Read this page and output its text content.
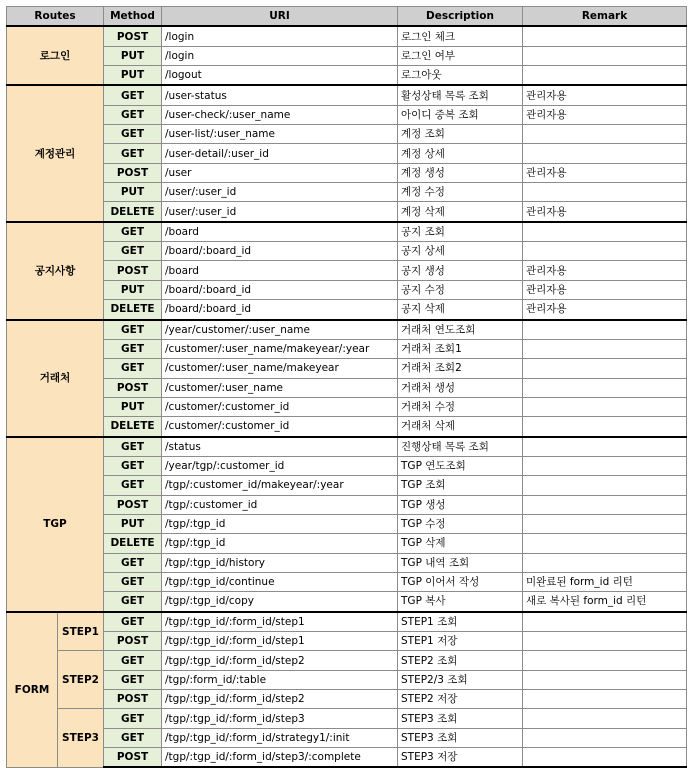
Routes		Method	URI	Description	Remark
로그인		POST	/login	로그인 체크	
		PUT	/login	로그인 여부	
		PUT	/logout	로그아웃	
계정관리		GET	/user-status	활성상태 목록 조회	관리자용
		GET	/user-check/:user_name	아이디 중복 조회	관리자용
		GET	/user-list/:user_name	계정 조회	
		GET	/user-detail/:user_id	계정 상세	
		POST	/user	계정 생성	관리자용
		PUT	/user/:user_id	계정 수정	
		DELETE	/user/:user_id	계정 삭제	관리자용
공지사항		GET	/board	공지 조회	
		GET	/board/:board_id	공지 상세	
		POST	/board	공지 생성	관리자용
		PUT	/board/:board_id	공지 수정	관리자용
		DELETE	/board/:board_id	공지 삭제	관리자용
거래처		GET	/year/customer/:user_name	거래처 연도조회	
		GET	/customer/:user_name/makeyear/:year	거래처 조회1	
		GET	/customer/:user_name/makeyear	거래처 조회2	
		POST	/customer/:user_name	거래처 생성	
		PUT	/customer/:customer_id	거래처 수정	
		DELETE	/customer/:customer_id	거래처 삭제	
TGP		GET	/status	진행상태 목록 조회	
		GET	/year/tgp/:customer_id	TGP 연도조회	
		GET	/tgp/:customer_id/makeyear/:year	TGP 조회	
		POST	/tgp/:customer_id	TGP 생성	
		PUT	/tgp/:tgp_id	TGP 수정	
		DELETE	/tgp/:tgp_id	TGP 삭제	
		GET	/tgp/:tgp_id/history	TGP 내역 조회	
		GET	/tgp/:tgp_id/continue	TGP 이어서 작성	미완료된 form_id 리턴
		GET	/tgp/:tgp_id/copy	TGP 복사	새로 복사된 form_id 리턴
FORM	STEP1	GET	/tgp/:tgp_id/:form_id/step1	STEP1 조회	
		POST	/tgp/:tgp_id/:form_id/step1	STEP1 저장	
	STEP2	GET	/tgp/:tgp_id/:form_id/step2	STEP2 조회	
		GET	/tgp/:form_id/:table	STEP2/3 조회	
		POST	/tgp/:tgp_id/:form_id/step2	STEP2 저장	
	STEP3	GET	/tgp/:tgp_id/:form_id/step3	STEP3 조회	
		GET	/tgp/:tgp_id/:form_id/strategy1/:init	STEP3 조회	
		POST	/tgp/:tgp_id/:form_id/step3/:complete	STEP3 저장	
